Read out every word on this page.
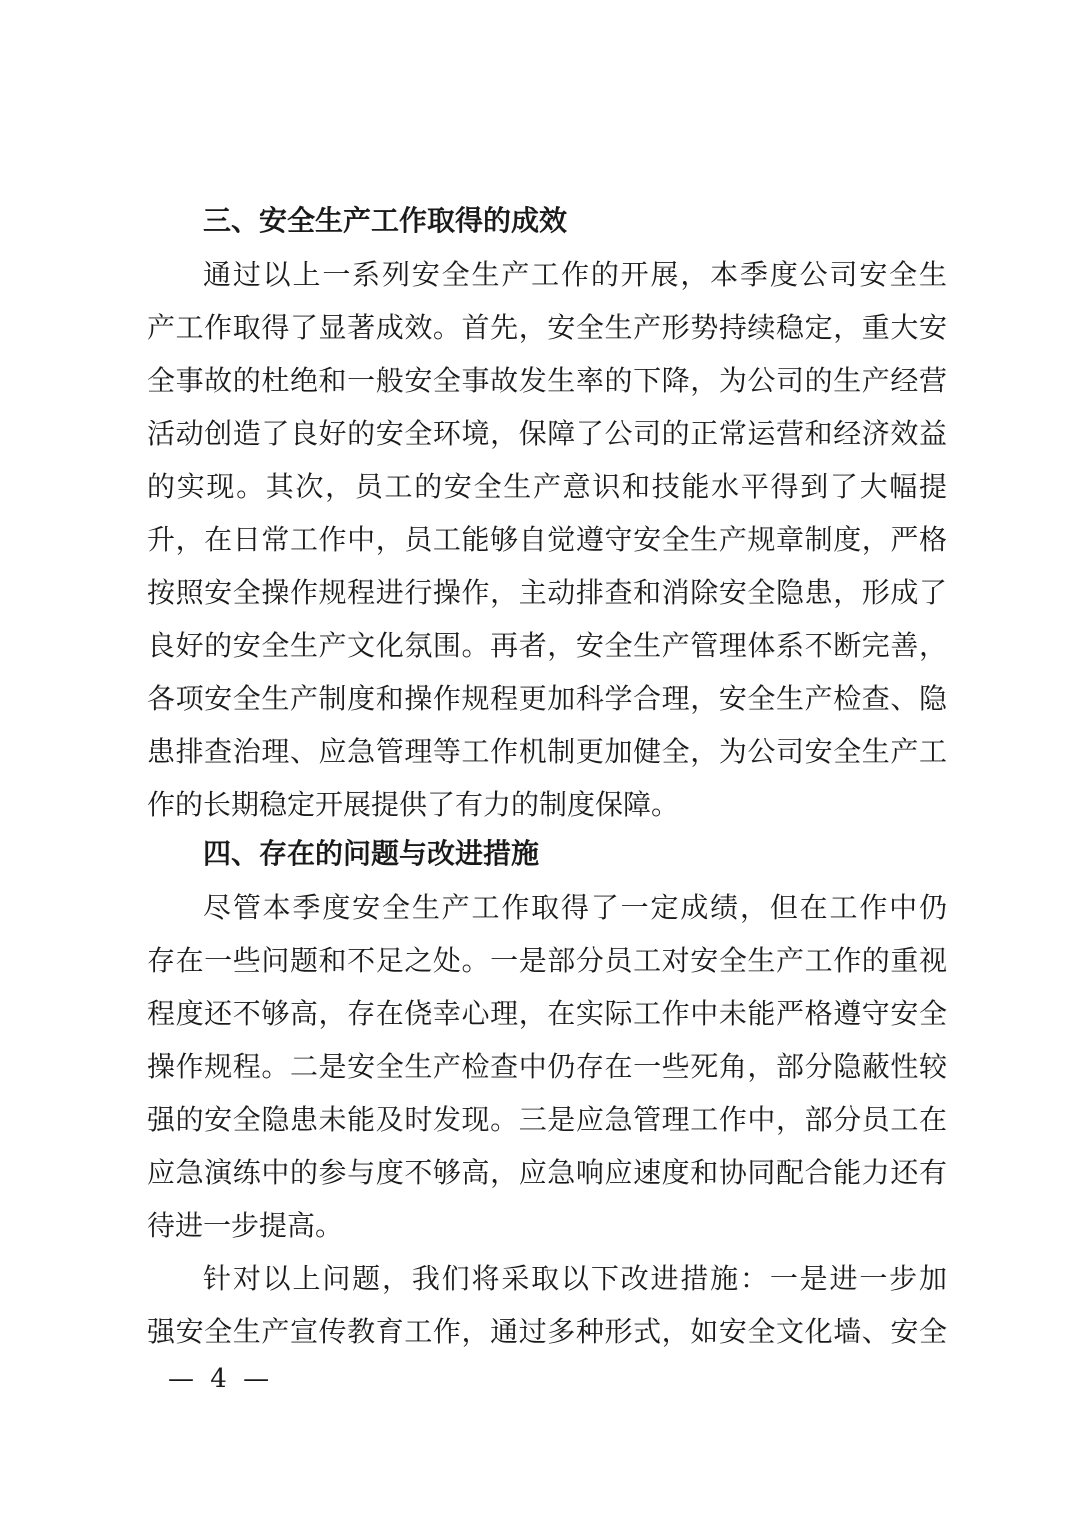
三、安全生产工作取得的成效
通过以上一系列安全生产工作的开展，本季度公司安全生
产工作取得了显著成效。首先，安全生产形势持续稳定，重大安
全事故的杜绝和一般安全事故发生率的下降，为公司的生产经营
活动创造了良好的安全环境，保障了公司的正常运营和经济效益
的实现。其次，员工的安全生产意识和技能水平得到了大幅提
升，在日常工作中，员工能够自觉遵守安全生产规章制度，严格
按照安全操作规程进行操作，主动排查和消除安全隐患，形成了
良好的安全生产文化氛围。再者，安全生产管理体系不断完善，
各项安全生产制度和操作规程更加科学合理，安全生产检查、隐
患排查治理、应急管理等工作机制更加健全，为公司安全生产工
作的长期稳定开展提供了有力的制度保障。
四、存在的问题与改进措施
尽管本季度安全生产工作取得了一定成绩，但在工作中仍
存在一些问题和不足之处。一是部分员工对安全生产工作的重视
程度还不够高，存在侥幸心理，在实际工作中未能严格遵守安全
操作规程。二是安全生产检查中仍存在一些死角，部分隐蔽性较
强的安全隐患未能及时发现。三是应急管理工作中，部分员工在
应急演练中的参与度不够高，应急响应速度和协同配合能力还有
待进一步提高。
针对以上问题，我们将采取以下改进措施：一是进一步加
强安全生产宣传教育工作，通过多种形式，如安全文化墙、安全
— 4 —
